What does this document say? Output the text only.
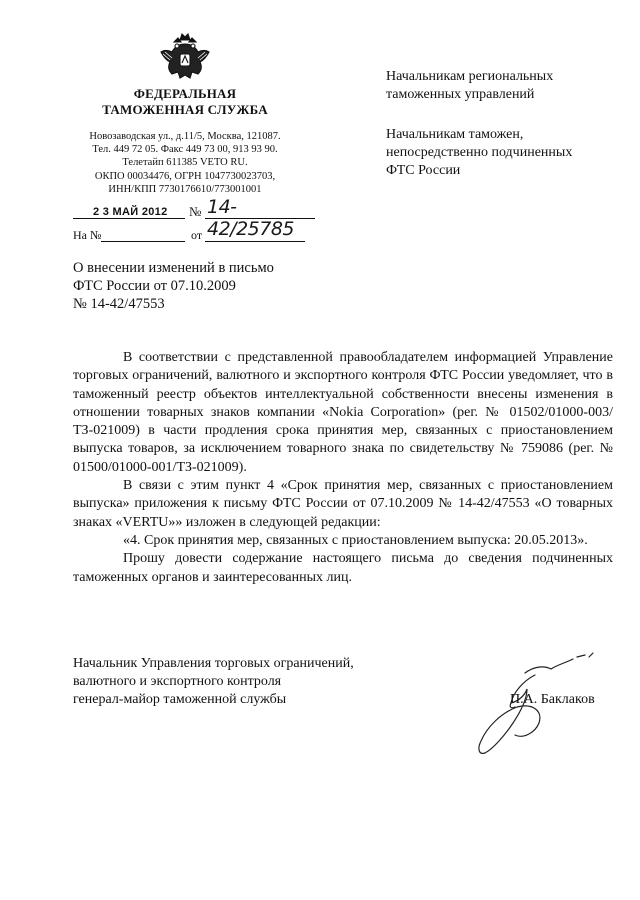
ФЕДЕРАЛЬНАЯ
ТАМОЖЕННАЯ СЛУЖБА
Новозаводская ул., д.11/5, Москва, 121087.
Тел. 449 72 05. Факс 449 73 00, 913 93 90.
Телетайп 611385 VETO RU.
ОКПО 00034476, ОГРН 1047730023703,
ИНН/КПП 7730176610/773001001
2 3 МАЙ 2012 № 14-42/25785
На №	от
Начальникам региональных
таможенных управлений
Начальникам таможен,
непосредственно подчиненных
ФТС России
О внесении изменений в письмо
ФТС России от 07.10.2009
№ 14-42/47553

В соответствии с представленной правообладателем информацией Управление торговых ограничений, валютного и экспортного контроля ФТС России уведомляет, что в таможенный реестр объектов интеллектуальной собственности внесены изменения в отношении товарных знаков компании «Nokia Corporation» (рег. № 01502/01000-003/ТЗ-021009) в части продления срока принятия мер, связанных с приостановлением выпуска товаров, за исключением товарного знака по свидетельству № 759086 (рег. № 01500/01000-001/ТЗ-021009).

В связи с этим пункт 4 «Срок принятия мер, связанных с приостановлением выпуска» приложения к письму ФТС России от 07.10.2009 № 14-42/47553 «О товарных знаках «VERTU»» изложен в следующей редакции:

«4. Срок принятия мер, связанных с приостановлением выпуска: 20.05.2013».

Прошу довести содержание настоящего письма до сведения подчиненных таможенных органов и заинтересованных лиц.

Начальник Управления торговых ограничений,
валютного и экспортного контроля
генерал-майор таможенной службы	П.А. Баклаков
